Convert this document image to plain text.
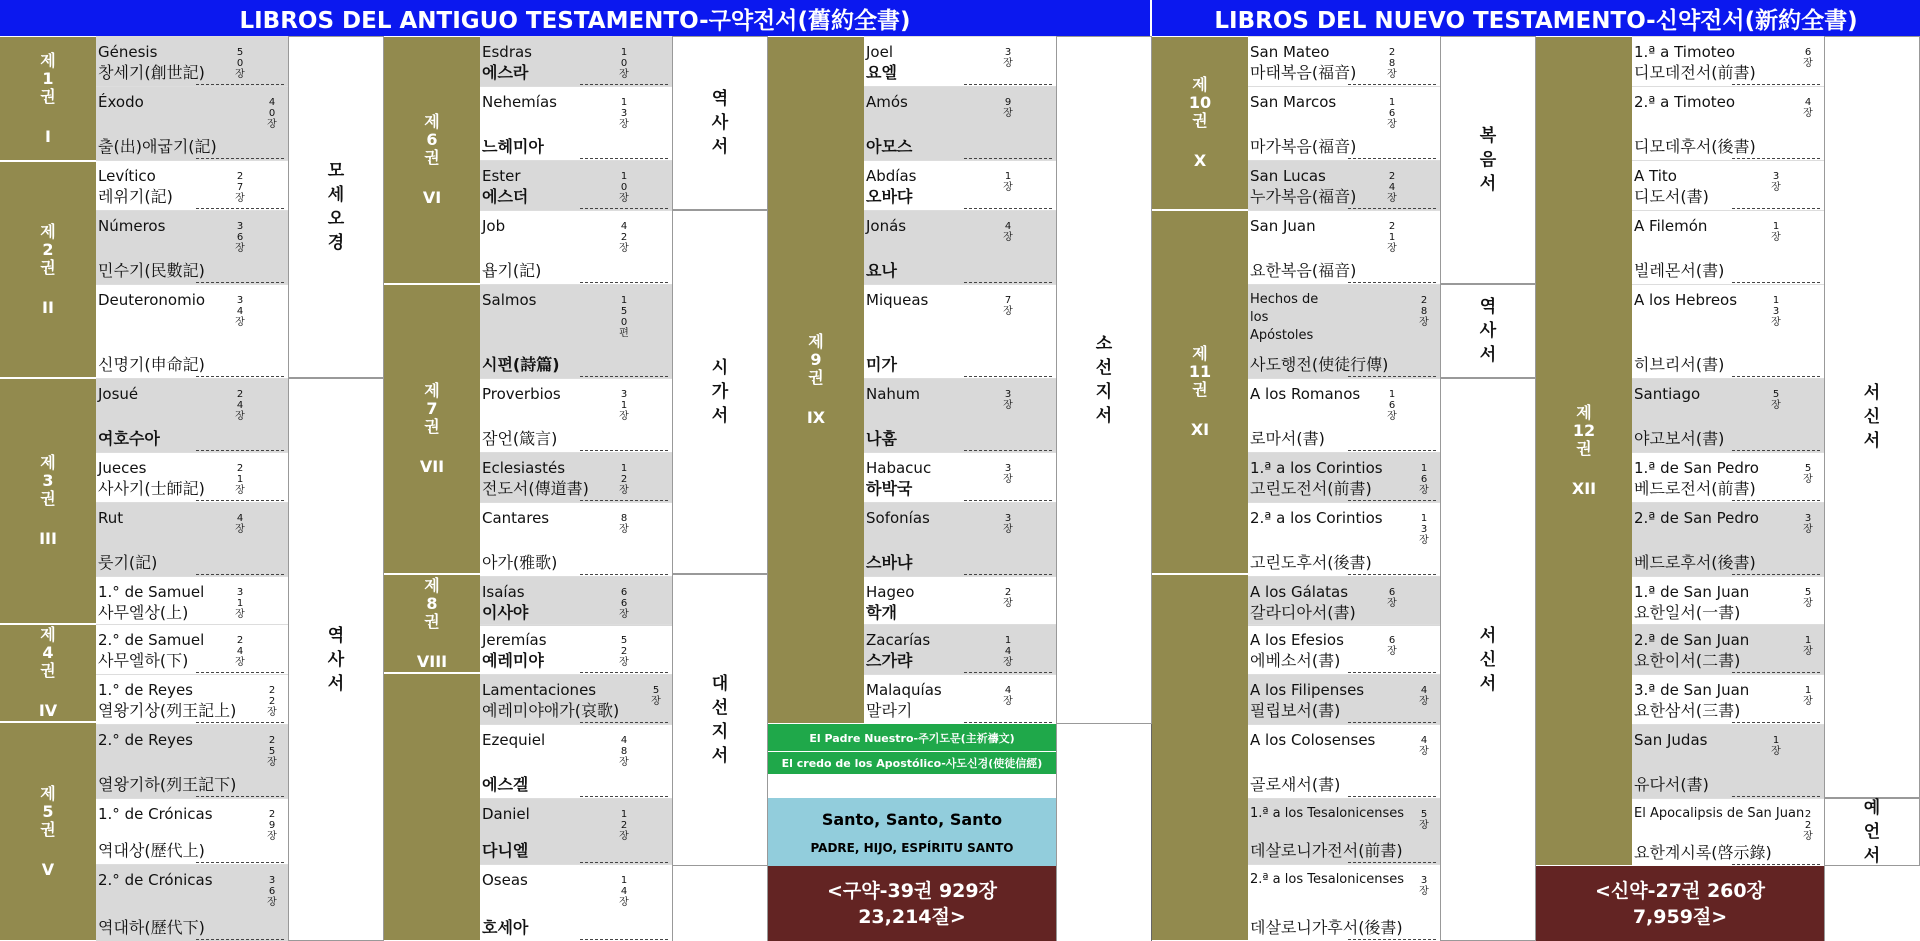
LIBROS DEL ANTIGUO TESTAMENTO-구약전서(舊約全書)	LIBROS DEL NUEVO TESTAMENTO-신약전서(新約全書)
제
1
권
I
제
2
권
II
제
3
권
III
제
4
권
IV
제
5
권
V
제
6
권
VI
제
7
권
VII
제
8
권
VIII
제
9
권
IX
제
10
권
X
제
11
권
XI
제
12
권
XII
Génesis
창세기(創世記)
5
0
장
Éxodo
출(出)애굽기(記)
4
0
장
Levítico
레위기(記)
2
7
장
Números
민수기(民數記)
3
6
장
Deuteronomio
신명기(申命記)
3
4
장
Josué
여호수아
2
4
장
Jueces
사사기(士師記)
2
1
장
Rut
룻기(記)
4
장
1.° de Samuel
사무엘상(上)
3
1
장
2.° de Samuel
사무엘하(下)
2
4
장
1.° de Reyes
열왕기상(列王記上)
2
2
장
2.° de Reyes
열왕기하(列王記下)
2
5
장
1.° de Crónicas
역대상(歷代上)
2
9
장
2.° de Crónicas
역대하(歷代下)
3
6
장
Esdras
에스라
1
0
장
Nehemías
느헤미아
1
3
장
Ester
에스더
1
0
장
Job
욥기(記)
4
2
장
Salmos
시편(詩篇)
1
5
0
편
Proverbios
잠언(箴言)
3
1
장
Eclesiastés
전도서(傳道書)
1
2
장
Cantares
아가(雅歌)
8
장
Isaías
이사야
6
6
장
Jeremías
예레미야
5
2
장
Lamentaciones
예레미야애가(哀歌)
5
장
Ezequiel
에스겔
4
8
장
Daniel
다니엘
1
2
장
Oseas
호세아
1
4
장
Joel
요엘
3
장
Amós
아모스
9
장
Abdías
오바댜
1
장
Jonás
요나
4
장
Miqueas
미가
7
장
Nahum
나훔
3
장
Habacuc
하박국
3
장
Sofonías
스바냐
3
장
Hageo
학개
2
장
Zacarías
스가랴
1
4
장
Malaquías
말라기
4
장
San Mateo
마태복음(福音)
2
8
장
San Marcos
마가복음(福音)
1
6
장
San Lucas
누가복음(福音)
2
4
장
San Juan
요한복음(福音)
2
1
장
Hechos de
los
Apóstoles
사도행전(使徒行傳)
2
8
장
A los Romanos
로마서(書)
1
6
장
1.ª a los Corintios
고린도전서(前書)
1
6
장
2.ª a los Corintios
고린도후서(後書)
1
3
장
A los Gálatas
갈라디아서(書)
6
장
A los Efesios
에베소서(書)
6
장
A los Filipenses
필립보서(書)
4
장
A los Colosenses
골로새서(書)
4
장
1.ª a los Tesalonicenses
데살로니가전서(前書)
5
장
2.ª a los Tesalonicenses
데살로니가후서(後書)
3
장
1.ª a Timoteo
디모데전서(前書)
6
장
2.ª a Timoteo
디모데후서(後書)
4
장
A Tito
디도서(書)
3
장
A Filemón
빌레몬서(書)
1
장
A los Hebreos
히브리서(書)
1
3
장
Santiago
야고보서(書)
5
장
1.ª de San Pedro
베드로전서(前書)
5
장
2.ª de San Pedro
베드로후서(後書)
3
장
1.ª de San Juan
요한일서(一書)
5
장
2.ª de San Juan
요한이서(二書)
1
장
3.ª de San Juan
요한삼서(三書)
1
장
San Judas
유다서(書)
1
장
El Apocalipsis de San Juan
요한계시록(啓示錄)
2
2
장
모
세
오
경
역
사
서
역
사
서
시
가
서
대
선
지
서
소
선
지
서
복
음
서
역
사
서
서
신
서
서
신
서
예
언
서
El Padre Nuestro-주기도문(主祈禱文)
El credo de los Apostólico-사도신경(使徒信經)
Santo, Santo, Santo
PADRE, HIJO, ESPÍRITU SANTO
<구약-39권 929장
23,214절>
<신약-27권 260장
7,959절>
